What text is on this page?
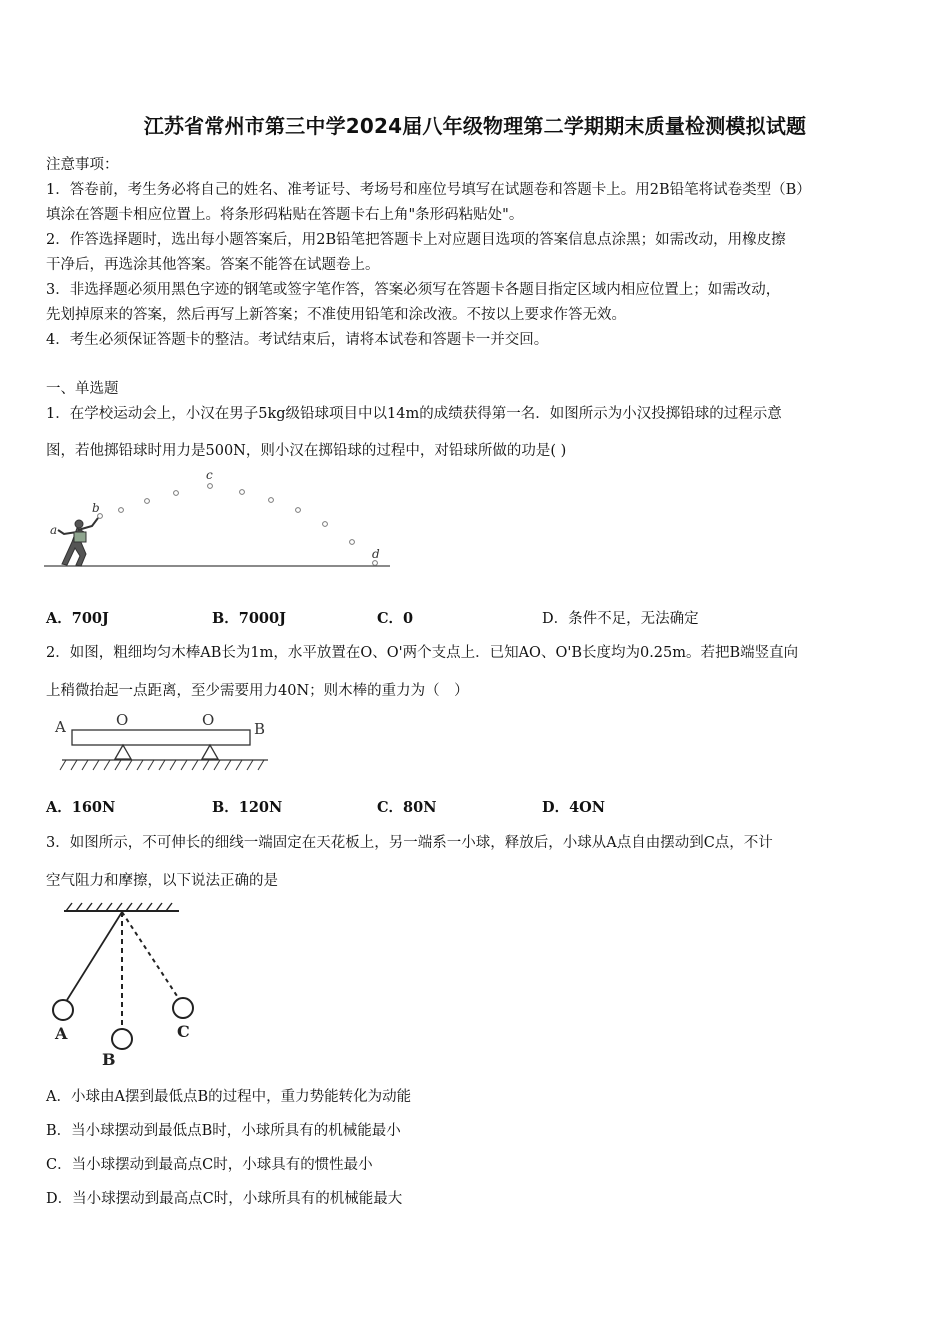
江苏省常州市第三中学2024届八年级物理第二学期期末质量检测模拟试题
注意事项：
1．答卷前，考生务必将自己的姓名、准考证号、考场号和座位号填写在试题卷和答题卡上。用2B铅笔将试卷类型（B）
填涂在答题卡相应位置上。将条形码粘贴在答题卡右上角"条形码粘贴处"。
2．作答选择题时，选出每小题答案后，用2B铅笔把答题卡上对应题目选项的答案信息点涂黑；如需改动，用橡皮擦
干净后，再选涂其他答案。答案不能答在试题卷上。
3．非选择题必须用黑色字迹的钢笔或签字笔作答，答案必须写在答题卡各题目指定区域内相应位置上；如需改动，
先划掉原来的答案，然后再写上新答案；不准使用铅笔和涂改液。不按以上要求作答无效。
4．考生必须保证答题卡的整洁。考试结束后，请将本试卷和答题卡一并交回。
一、单选题
1．在学校运动会上，小汉在男子5kg级铅球项目中以14m的成绩获得第一名．如图所示为小汉投掷铅球的过程示意
图，若他掷铅球时用力是500N，则小汉在掷铅球的过程中，对铅球所做的功是( )
a
b
c
d
A．700J	B．7000J	C．0	D．条件不足，无法确定
2．如图，粗细均匀木棒AB长为1m，水平放置在O、O'两个支点上．已知AO、O'B长度均为0.25m。若把B端竖直向
上稍微抬起一点距离，至少需要用力40N；则木棒的重力为（　）
A	O	O	B
A．160N	B．120N	C．80N	D．4ON
3．如图所示，不可伸长的细线一端固定在天花板上，另一端系一小球，释放后，小球从A点自由摆动到C点，不计
空气阻力和摩擦，以下说法正确的是
A
B
C
A．小球由A摆到最低点B的过程中，重力势能转化为动能
B．当小球摆动到最低点B时，小球所具有的机械能最小
C．当小球摆动到最高点C时，小球具有的惯性最小
D．当小球摆动到最高点C时，小球所具有的机械能最大
